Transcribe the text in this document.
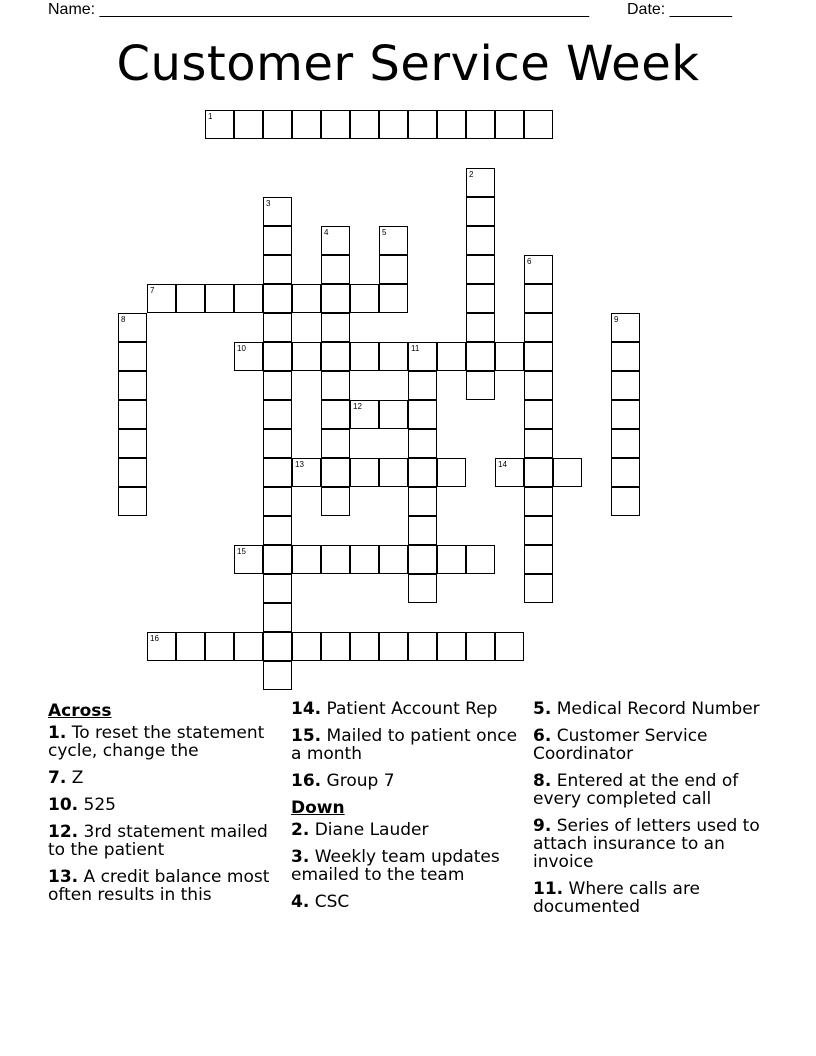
Name: _______________________________________________________ Date: _______
Customer Service Week
1
2
3
4	5
6
7
8	9
10	11
12
13	14
15
16
Across
1. To reset the statement cycle, change the
7. Z
10. 525
12. 3rd statement mailed to the patient
13. A credit balance most often results in this
14. Patient Account Rep
15. Mailed to patient once a month
16. Group 7
Down
2. Diane Lauder
3. Weekly team updates emailed to the team
4. CSC
5. Medical Record Number
6. Customer Service Coordinator
8. Entered at the end of every completed call
9. Series of letters used to attach insurance to an invoice
11. Where calls are documented
